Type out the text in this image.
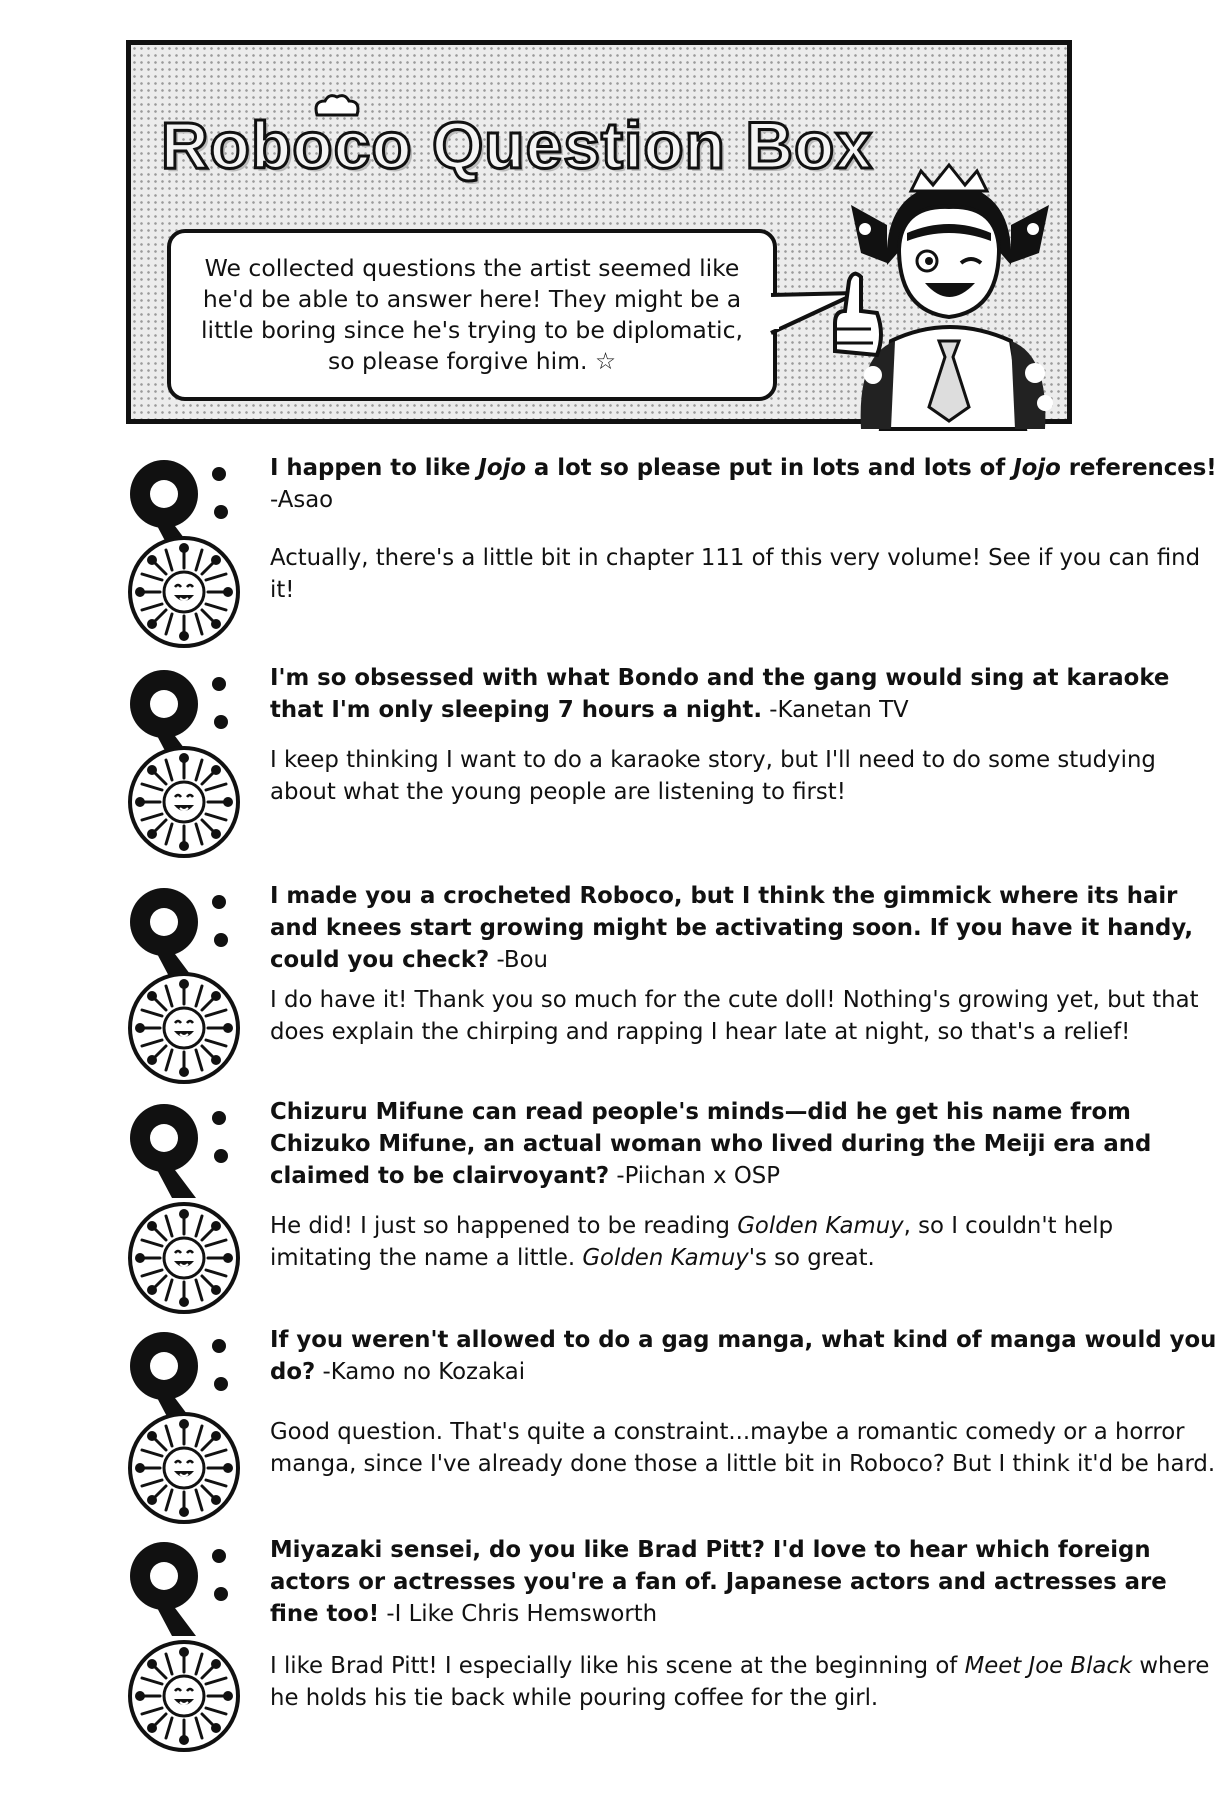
Roboco Question Box

We collected questions the artist seemed like he'd be able to answer here! They might be a little boring since he's trying to be diplomatic, so please forgive him. ☆

I happen to like Jojo a lot so please put in lots and lots of Jojo references! -Asao

Actually, there's a little bit in chapter 111 of this very volume! See if you can find it!

I'm so obsessed with what Bondo and the gang would sing at karaoke that I'm only sleeping 7 hours a night. -Kanetan TV

I keep thinking I want to do a karaoke story, but I'll need to do some studying about what the young people are listening to first!

I made you a crocheted Roboco, but I think the gimmick where its hair and knees start growing might be activating soon. If you have it handy, could you check? -Bou

I do have it! Thank you so much for the cute doll! Nothing's growing yet, but that does explain the chirping and rapping I hear late at night, so that's a relief!

Chizuru Mifune can read people's minds—did he get his name from Chizuko Mifune, an actual woman who lived during the Meiji era and claimed to be clairvoyant? -Piichan x OSP

He did! I just so happened to be reading Golden Kamuy, so I couldn't help imitating the name a little. Golden Kamuy's so great.

If you weren't allowed to do a gag manga, what kind of manga would you do? -Kamo no Kozakai

Good question. That's quite a constraint...maybe a romantic comedy or a horror manga, since I've already done those a little bit in Roboco? But I think it'd be hard.

Miyazaki sensei, do you like Brad Pitt? I'd love to hear which foreign actors or actresses you're a fan of. Japanese actors and actresses are fine too! -I Like Chris Hemsworth

I like Brad Pitt! I especially like his scene at the beginning of Meet Joe Black where he holds his tie back while pouring coffee for the girl.
